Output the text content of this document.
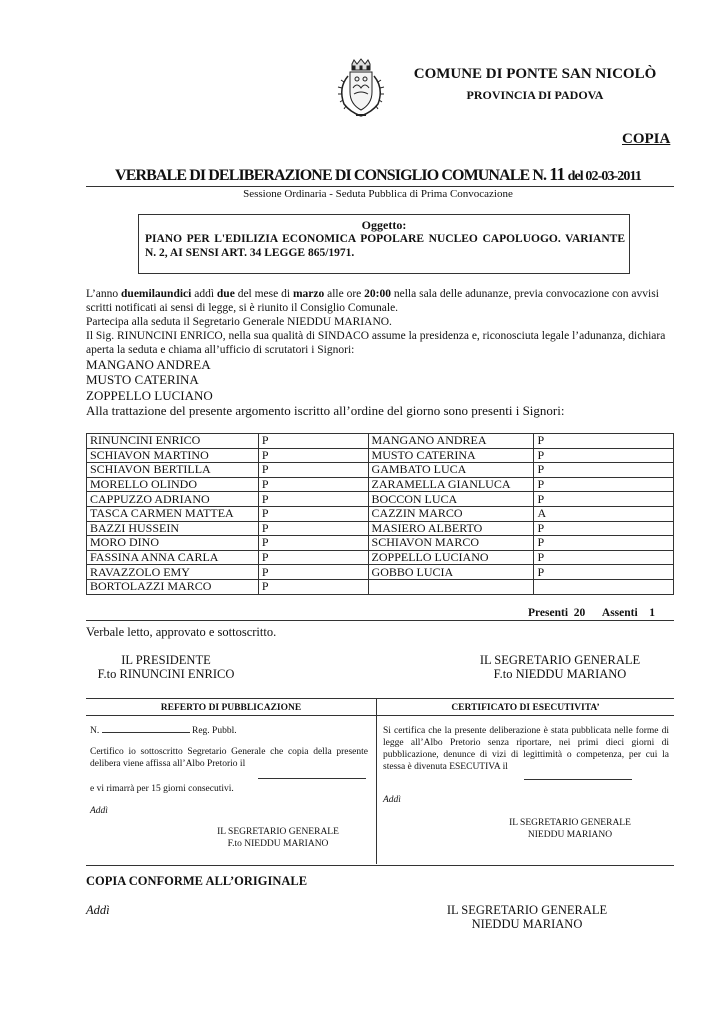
COMUNE DI PONTE SAN NICOLÒ
PROVINCIA DI PADOVA
COPIA
VERBALE DI DELIBERAZIONE DI CONSIGLIO COMUNALE N. 11 del 02-03-2011
Sessione Ordinaria - Seduta Pubblica di Prima Convocazione
Oggetto:
PIANO PER L'EDILIZIA ECONOMICA POPOLARE NUCLEO CAPOLUOGO. VARIANTE N. 2, AI SENSI ART. 34 LEGGE 865/1971.
L’anno duemilaundici addì due del mese di marzo alle ore 20:00 nella sala delle adunanze, previa convocazione con avvisi scritti notificati ai sensi di legge, si è riunito il Consiglio Comunale.
Partecipa alla seduta il Segretario Generale NIEDDU MARIANO.
Il Sig. RINUNCINI ENRICO, nella sua qualità di SINDACO assume la presidenza e, riconosciuta legale l’adunanza, dichiara aperta la seduta e chiama all’ufficio di scrutatori i Signori:
MANGANO ANDREA
MUSTO CATERINA
ZOPPELLO LUCIANO
Alla trattazione del presente argomento iscritto all’ordine del giorno sono presenti i Signori:
RINUNCINI ENRICO	P	MANGANO ANDREA	P
SCHIAVON MARTINO	P	MUSTO CATERINA	P
SCHIAVON BERTILLA	P	GAMBATO LUCA	P
MORELLO OLINDO	P	ZARAMELLA GIANLUCA	P
CAPPUZZO ADRIANO	P	BOCCON LUCA	P
TASCA CARMEN MATTEA	P	CAZZIN MARCO	A
BAZZI HUSSEIN	P	MASIERO ALBERTO	P
MORO DINO	P	SCHIAVON MARCO	P
FASSINA ANNA CARLA	P	ZOPPELLO LUCIANO	P
RAVAZZOLO EMY	P	GOBBO LUCIA	P
BORTOLAZZI MARCO	P		
Presenti 20 Assenti 1
Verbale letto, approvato e sottoscritto.
IL PRESIDENTE
F.to RINUNCINI ENRICO
IL SEGRETARIO GENERALE
F.to NIEDDU MARIANO
REFERTO DI PUBBLICAZIONE
N.	Reg. Pubbl.
Certifico io sottoscritto Segretario Generale che copia della presente delibera viene affissa all’Albo Pretorio il
e vi rimarrà per 15 giorni consecutivi.
Addì
IL SEGRETARIO GENERALE
F.to NIEDDU MARIANO
CERTIFICATO DI ESECUTIVITA’
Si certifica che la presente deliberazione è stata pubblicata nelle forme di legge all’Albo Pretorio senza riportare, nei primi dieci giorni di pubblicazione, denunce di vizi di legittimità o competenza, per cui la stessa è divenuta ESECUTIVA il
Addì
IL SEGRETARIO GENERALE
NIEDDU MARIANO
COPIA CONFORME ALL’ORIGINALE
Addì	IL SEGRETARIO GENERALE
NIEDDU MARIANO
